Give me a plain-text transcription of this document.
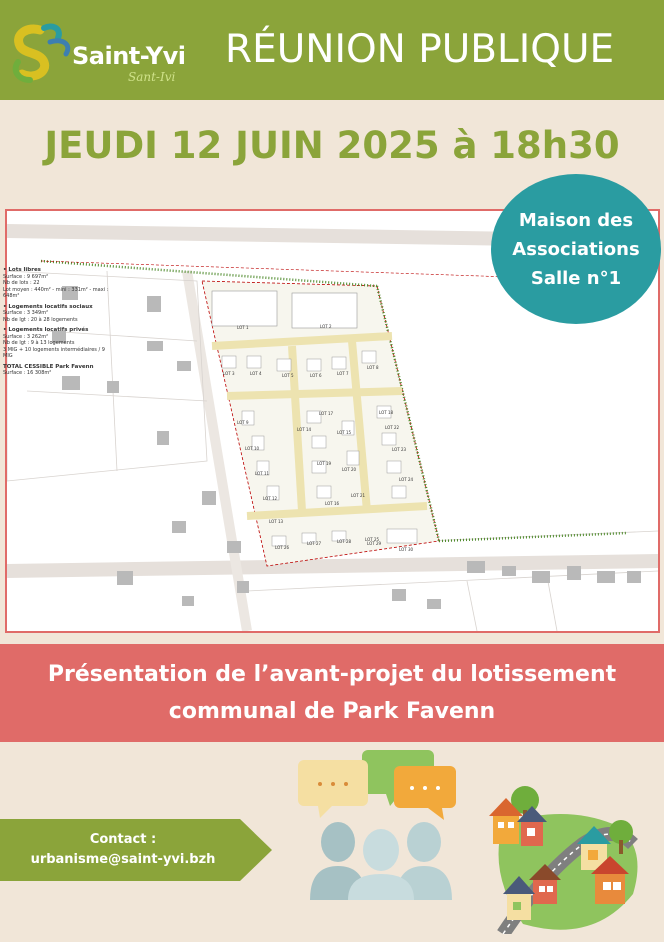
Saint-Yvi
Sant-Ivi
RÉUNION PUBLIQUE
JEUDI 12 JUIN 2025 à 18h30
LOT 1	LOT 2
LOT 3	LOT 4	LOT 5	LOT 6	LOT 7
LOT 8
LOT 9
LOT 10
LOT 11
LOT 12
LOT 13
LOT 14
LOT 15
LOT 16
LOT 17	LOT 18
LOT 19
LOT 20
LOT 21
LOT 22
LOT 23
LOT 24
LOT 25
LOT 26
LOT 27	LOT 28	LOT 29
LOT 30
• Lots libres
Surface : 9 697m²
Nb de lots : 22
Lot moyen : 440m² - mini : 331m² - maxi : 648m²
• Logements locatifs sociaux
Surface : 3 349m²
Nb de lgt : 20 à 28 logements
• Logements locatifs privés
Surface : 3 262m²
Nb de lgt : 9 à 13 logements
3 MIG + 10 logements intermédiaires / 9 MIG
TOTAL CESSIBLE Park Favenn
Surface : 16 308m²
Maison des
Associations
Salle n°1
Présentation de l’avant-projet du lotissement
communal de Park Favenn
Contact :
urbanisme@saint-yvi.bzh
